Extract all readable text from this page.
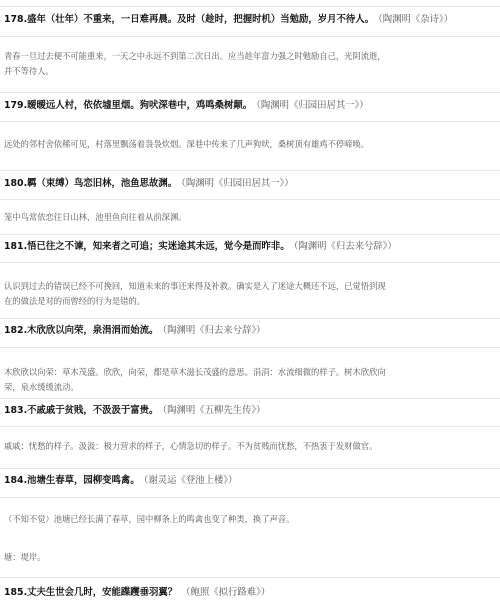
178.盛年（壮年）不重来，一日难再晨。及时（趁时，把握时机）当勉励，岁月不待人。 （陶渊明《杂诗》）
青春一旦过去便不可能重来，一天之中永远不到第二次日出。应当趁年富力强之时勉励自己，光阴流逝，
并不等待人。
179.暧暧远人村，依依墟里烟。狗吠深巷中，鸡鸣桑树颠。 （陶渊明《归园田居其一》）
远处的邻村舍依稀可见，村落里飘荡着袅袅炊烟。深巷中传来了几声狗吠，桑树顶有雄鸡不停啼唤。
180.羁（束缚）鸟恋旧林，池鱼思故渊。 （陶渊明《归园田居其一》）
笼中鸟常依恋往日山林，池里鱼向往着从前深渊。
181.悟已往之不谏，知来者之可追；实迷途其未远，觉今是而昨非。 （陶渊明《归去来兮辞》）
认识到过去的错误已经不可挽回，知道未来的事还来得及补救。确实是入了迷途大概还不远，已觉悟到现
在的做法是对的而曾经的行为是错的。
182.木欣欣以向荣，泉涓涓而始流。 （陶渊明《归去来兮辞》）
木欣欣以向荣：草木茂盛。欣欣，向荣，都是草木滋长茂盛的意思。涓涓：水流细微的样子。树木欣欣向
荣，泉水缓缓流动。
183.不戚戚于贫贱，不汲汲于富贵。 （陶渊明《五柳先生传》）
戚戚：忧愁的样子。汲汲：极力营求的样子，心情急切的样子。不为贫贱而忧愁，不热衷于发财做官。
184.池塘生春草，园柳变鸣禽。 （谢灵运《登池上楼》）
（不知不觉）池塘已经长满了春草，园中柳条上的鸣禽也变了种类，换了声音。
塘：堤岸。
185.丈夫生世会几时，安能蹀躞垂羽翼？ （鲍照《拟行路难》）
